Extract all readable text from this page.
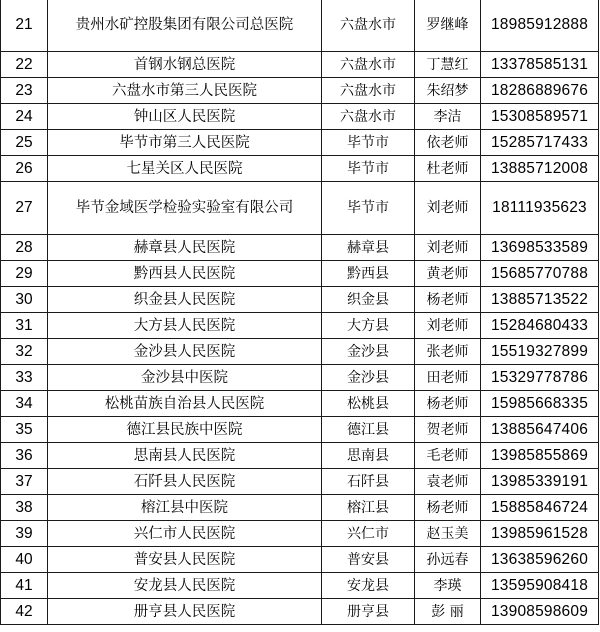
21	贵州水矿控股集团有限公司总医院	六盘水市	罗继峰	18985912888
22	首钢水钢总医院	六盘水市	丁慧红	13378585131
23	六盘水市第三人民医院	六盘水市	朱绍梦	18286889676
24	钟山区人民医院	六盘水市	李洁	15308589571
25	毕节市第三人民医院	毕节市	依老师	15285717433
26	七星关区人民医院	毕节市	杜老师	13885712008
27	毕节金域医学检验实验室有限公司	毕节市	刘老师	18111935623
28	赫章县人民医院	赫章县	刘老师	13698533589
29	黔西县人民医院	黔西县	黄老师	15685770788
30	织金县人民医院	织金县	杨老师	13885713522
31	大方县人民医院	大方县	刘老师	15284680433
32	金沙县人民医院	金沙县	张老师	15519327899
33	金沙县中医院	金沙县	田老师	15329778786
34	松桃苗族自治县人民医院	松桃县	杨老师	15985668335
35	德江县民族中医院	德江县	贺老师	13885647406
36	思南县人民医院	思南县	毛老师	13985855869
37	石阡县人民医院	石阡县	袁老师	13985339191
38	榕江县中医院	榕江县	杨老师	15885846724
39	兴仁市人民医院	兴仁市	赵玉美	13985961528
40	普安县人民医院	普安县	孙远春	13638596260
41	安龙县人民医院	安龙县	李瑛	13595908418
42	册亨县人民医院	册亨县	彭 丽	13908598609
